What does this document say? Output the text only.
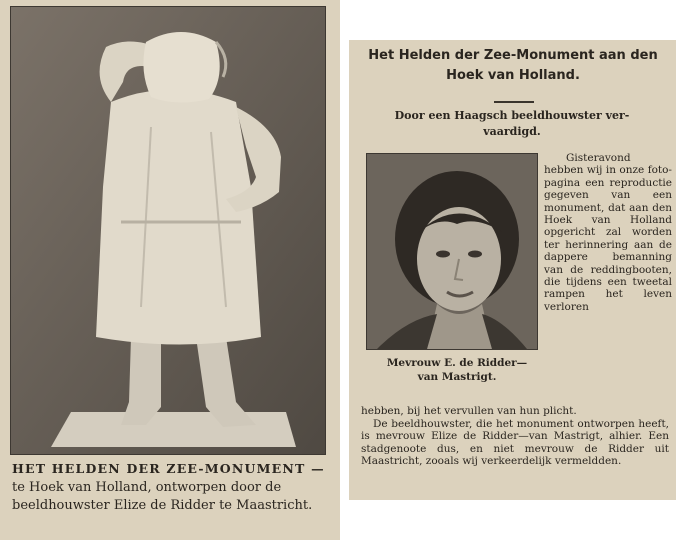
HET HELDEN DER ZEE-MONUMENT —
te Hoek van Holland, ontworpen door de
beeldhouwster Elize de Ridder te Maastricht.
Het Helden der Zee-Monument aan den
Hoek van Holland.
Door een Haagsch beeldhouwster ver-
vaardigd.
Mevrouw E. de Ridder—
van Mastrigt.

Gisteravond hebben wij in onze foto-pagina een reproductie gegeven van een monument, dat aan den Hoek van Holland opgericht zal worden ter herinnering aan de dappere bemanning van de reddingbooten, die tijdens een tweetal rampen het leven verloren

hebben, bij het vervullen van hun plicht.

De beeldhouwster, die het monument ontworpen heeft, is mevrouw Elize de Ridder—van Mastrigt, alhier. Een stadgenoote dus, en niet mevrouw de Ridder uit Maastricht, zooals wij verkeerdelijk vermeldden.
